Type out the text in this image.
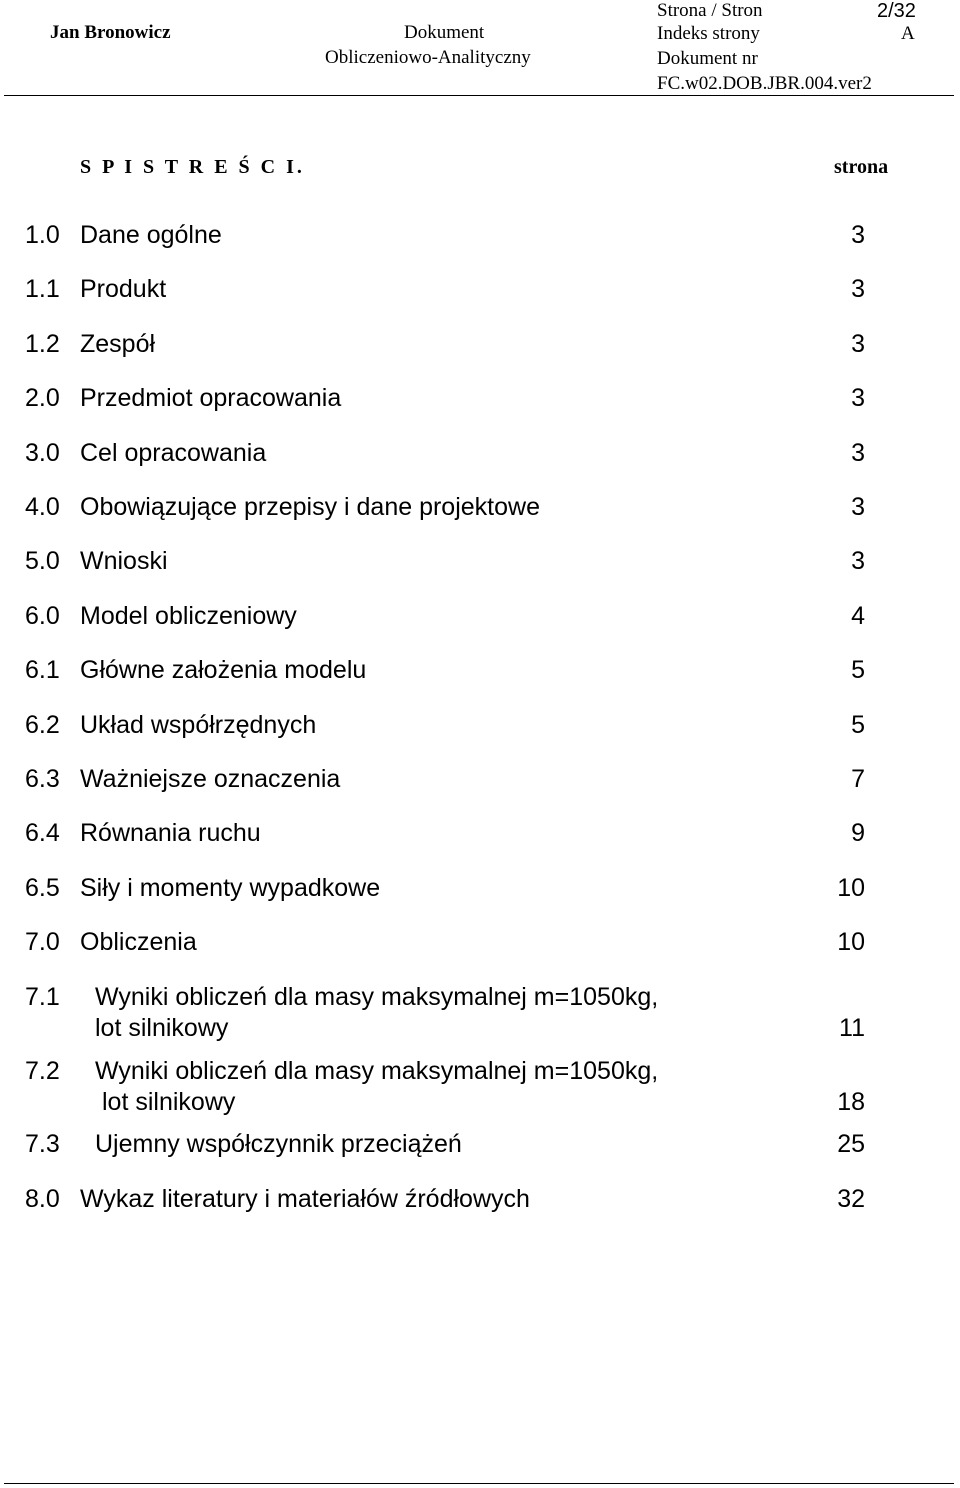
Jan Bronowicz	Dokument
Obliczeniowo-Analityczny
Strona / Stron	2/32
Indeks strony	A
Dokument nr
FC.w02.DOB.JBR.004.ver2
S P I S T R E Ś C I.	strona
1.0 Dane ogólne	3
1.1 Produkt	3
1.2 Zespół	3
2.0 Przedmiot opracowania	3
3.0 Cel opracowania	3
4.0 Obowiązujące przepisy i dane projektowe	3
5.0 Wnioski	3
6.0 Model obliczeniowy	4
6.1 Główne założenia modelu	5
6.2 Układ współrzędnych	5
6.3 Ważniejsze oznaczenia	7
6.4 Równania ruchu	9
6.5 Siły i momenty wypadkowe	10
7.0 Obliczenia	10
7.1 Wyniki obliczeń dla masy maksymalnej m=1050kg,
lot silnikowy	11
7.2 Wyniki obliczeń dla masy maksymalnej m=1050kg,
lot silnikowy	18
7.3 Ujemny współczynnik przeciążeń	25
8.0 Wykaz literatury i materiałów źródłowych	32
